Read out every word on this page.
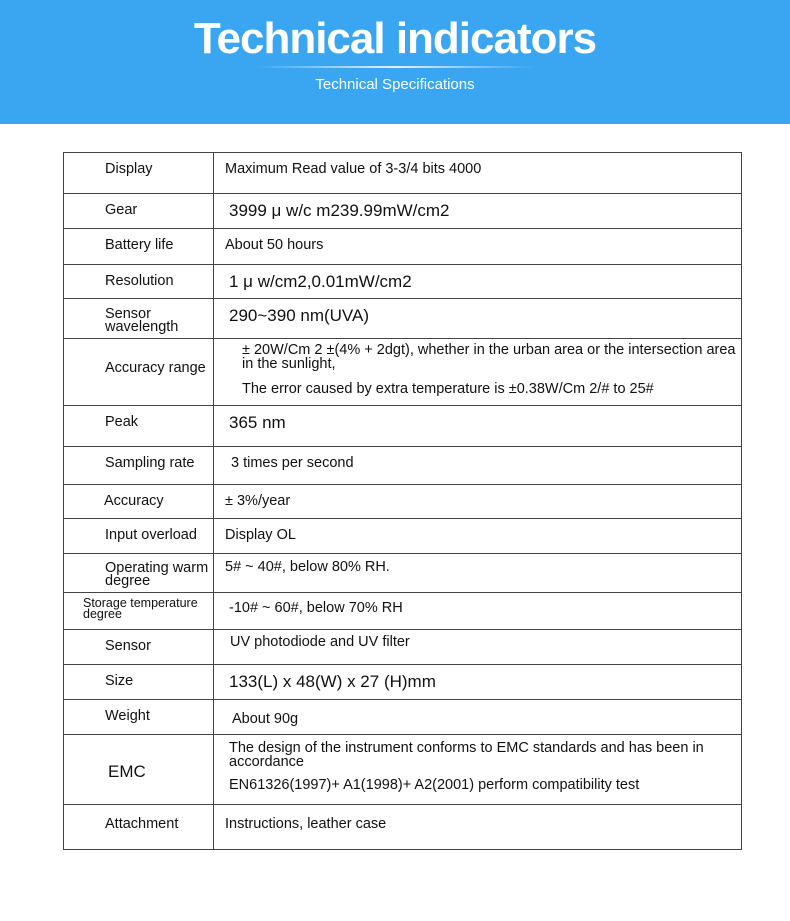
Technical indicators
Technical Specifications
Display	Maximum Read value of 3-3/4 bits 4000
Gear	3999 μ w/c m239.99mW/cm2
Battery life	About 50 hours
Resolution	1 μ w/cm2,0.01mW/cm2
Sensor wavelength	290~390 nm(UVA)
Accuracy range	± 20W/Cm 2 ±(4% + 2dgt), whether in the urban area or the intersection area in the sunlight,
The error caused by extra temperature is ±0.38W/Cm 2/# to 25#

Peak	365 nm
Sampling rate	3 times per second
Accuracy	± 3%/year
Input overload	Display OL
Operating warm degree	5# ~ 40#, below 80% RH.
Storage temperature degree	-10# ~ 60#, below 70% RH
Sensor	UV photodiode and UV filter
Size	133(L) x 48(W) x 27 (H)mm
Weight	About 90g
EMC	The design of the instrument conforms to EMC standards and has been in accordance
EN61326(1997)+ A1(1998)+ A2(2001) perform compatibility test

Attachment	Instructions, leather case
